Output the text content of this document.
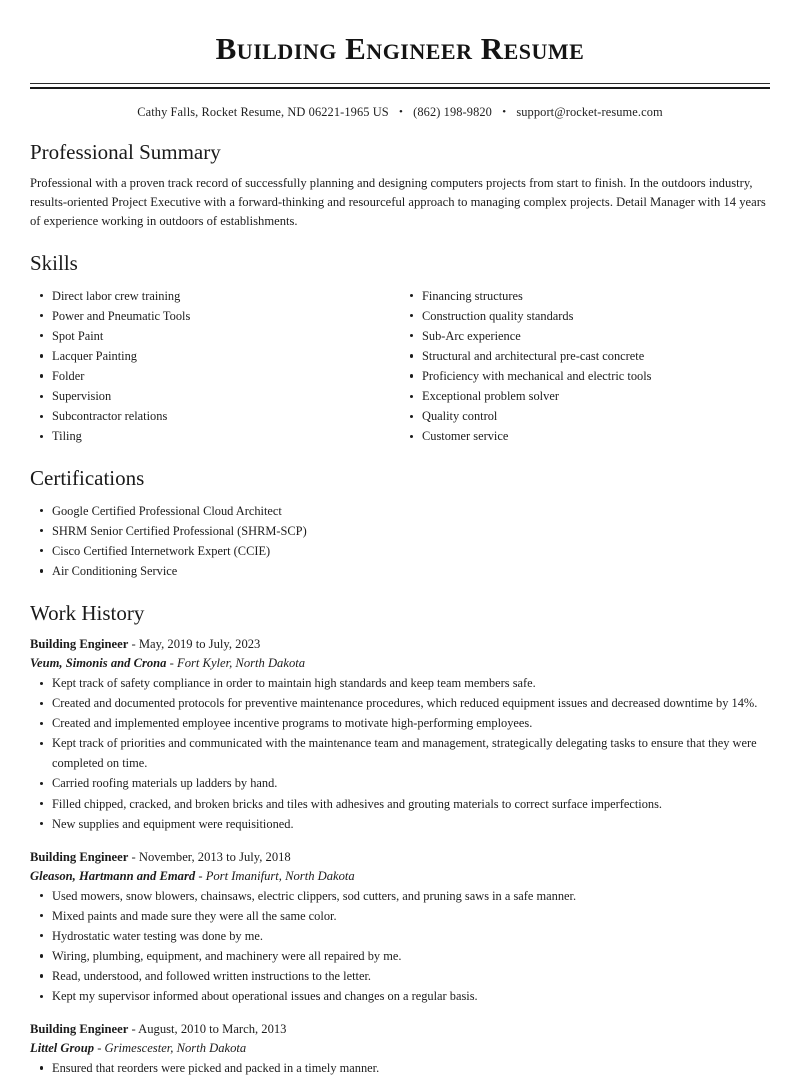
Building Engineer Resume
Cathy Falls, Rocket Resume, ND 06221-1965 US • (862) 198-9820 • support@rocket-resume.com
Professional Summary

Professional with a proven track record of successfully planning and designing computers projects from start to finish. In the outdoors industry, results-oriented Project Executive with a forward-thinking and resourceful approach to managing complex projects. Detail Manager with 14 years of experience working in outdoors of establishments.

Skills
Direct labor crew training
Power and Pneumatic Tools
Spot Paint
Lacquer Painting
Folder
Supervision
Subcontractor relations
Tiling
Financing structures
Construction quality standards
Sub-Arc experience
Structural and architectural pre-cast concrete
Proficiency with mechanical and electric tools
Exceptional problem solver
Quality control
Customer service
Certifications
Google Certified Professional Cloud Architect
SHRM Senior Certified Professional (SHRM-SCP)
Cisco Certified Internetwork Expert (CCIE)
Air Conditioning Service
Work History
Building Engineer - May, 2019 to July, 2023
Veum, Simonis and Crona - Fort Kyler, North Dakota
Kept track of safety compliance in order to maintain high standards and keep team members safe.
Created and documented protocols for preventive maintenance procedures, which reduced equipment issues and decreased downtime by 14%.
Created and implemented employee incentive programs to motivate high-performing employees.
Kept track of priorities and communicated with the maintenance team and management, strategically delegating tasks to ensure that they were completed on time.
Carried roofing materials up ladders by hand.
Filled chipped, cracked, and broken bricks and tiles with adhesives and grouting materials to correct surface imperfections.
New supplies and equipment were requisitioned.
Building Engineer - November, 2013 to July, 2018
Gleason, Hartmann and Emard - Port Imanifurt, North Dakota
Used mowers, snow blowers, chainsaws, electric clippers, sod cutters, and pruning saws in a safe manner.
Mixed paints and made sure they were all the same color.
Hydrostatic water testing was done by me.
Wiring, plumbing, equipment, and machinery were all repaired by me.
Read, understood, and followed written instructions to the letter.
Kept my supervisor informed about operational issues and changes on a regular basis.
Building Engineer - August, 2010 to March, 2013
Littel Group - Grimescester, North Dakota
Ensured that reorders were picked and packed in a timely manner.
